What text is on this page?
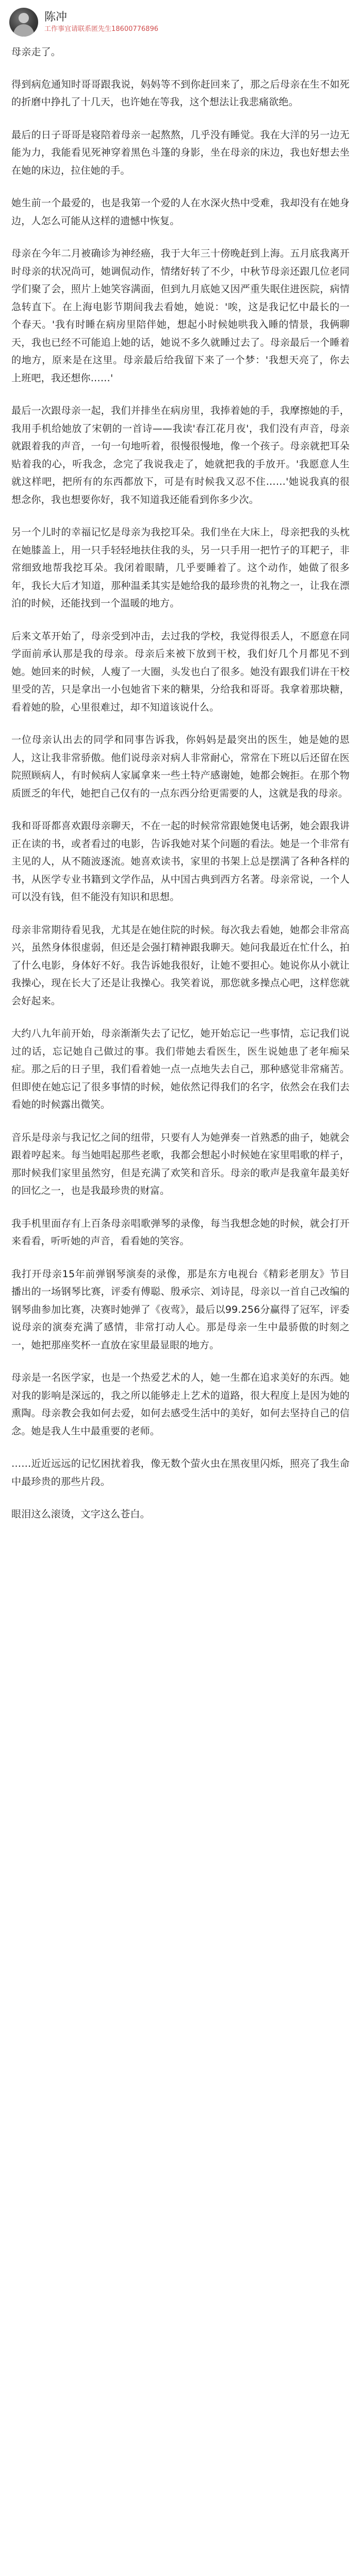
陈冲
工作事宜请联系匿先生18600776896

母亲走了。

得到病危通知时哥哥跟我说，妈妈等不到你赶回来了，那之后母亲在生不如死的折磨中挣扎了十几天，也许她在等我，这个想法让我悲痛欲绝。

最后的日子哥哥是寝陪着母亲一起熬熬，几乎没有睡觉。我在大洋的另一边无能为力，我能看见死神穿着黑色斗篷的身影，坐在母亲的床边，我也好想去坐在她的床边，拉住她的手。

她生前一个最爱的，也是我第一个爱的人在水深火热中受难，我却没有在她身边，人怎么可能从这样的遗憾中恢复。

母亲在今年二月被确诊为神经癌，我于大年三十傍晚赶到上海。五月底我离开时母亲的状况尚可，她调侃动作，情绪好转了不少，中秋节母亲还跟几位老同学们聚了会，照片上她笑容满面，但到九月底她又因严重失眠住进医院，病情急转直下。在上海电影节期间我去看她，她说：'唉，这是我记忆中最长的一个春天。'我有时睡在病房里陪伴她，想起小时候她哄我入睡的情景，我俩聊天，我也已经不可能追上她的话，她说不多久就睡过去了。母亲最后一个睡着的地方，原来是在这里。母亲最后给我留下来了一个梦：'我想天亮了，你去上班吧，我还想你……'

最后一次跟母亲一起，我们并排坐在病房里，我捧着她的手，我摩擦她的手，我用手机给她放了宋朝的一首诗——我读'春江花月夜'，我们没有声音，母亲就跟着我的声音，一句一句地听着，很慢很慢地，像一个孩子。母亲就把耳朵贴着我的心，听我念，念完了我说我走了，她就把我的手放开。'我愿意人生就这样吧，把所有的东西都放下，可是有时候我又忍不住……'她说我真的很想念你，我也想要你好，我不知道我还能看到你多少次。

另一个儿时的幸福记忆是母亲为我挖耳朵。我们坐在大床上，母亲把我的头枕在她膝盖上，用一只手轻轻地扶住我的头，另一只手用一把竹子的耳耙子，非常细致地帮我挖耳朵。我闭着眼睛，几乎要睡着了。这个动作，她做了很多年，我长大后才知道，那种温柔其实是她给我的最珍贵的礼物之一，让我在漂泊的时候，还能找到一个温暖的地方。

后来文革开始了，母亲受到冲击，去过我的学校，我觉得很丢人，不愿意在同学面前承认那是我的母亲。母亲后来被下放到干校，我们好几个月都见不到她。她回来的时候，人瘦了一大圈，头发也白了很多。她没有跟我们讲在干校里受的苦，只是拿出一小包她省下来的糖果，分给我和哥哥。我拿着那块糖，看着她的脸，心里很难过，却不知道该说什么。

一位母亲认出去的同学和同事告诉我，你妈妈是最突出的医生，她是她的恩人，这让我非常骄傲。他们说母亲对病人非常耐心，常常在下班以后还留在医院照顾病人，有时候病人家属拿来一些土特产感谢她，她都会婉拒。在那个物质匮乏的年代，她把自己仅有的一点东西分给更需要的人，这就是我的母亲。

我和哥哥都喜欢跟母亲聊天，不在一起的时候常常跟她煲电话粥，她会跟我讲正在读的书，或者看过的电影，告诉我她对某个问题的看法。她是一个非常有主见的人，从不随波逐流。她喜欢读书，家里的书架上总是摆满了各种各样的书，从医学专业书籍到文学作品，从中国古典到西方名著。母亲常说，一个人可以没有钱，但不能没有知识和思想。

母亲非常期待看见我，尤其是在她住院的时候。每次我去看她，她都会非常高兴，虽然身体很虚弱，但还是会强打精神跟我聊天。她问我最近在忙什么，拍了什么电影，身体好不好。我告诉她我很好，让她不要担心。她说你从小就让我操心，现在长大了还是让我操心。我笑着说，那您就多操点心吧，这样您就会好起来。

大约八九年前开始，母亲渐渐失去了记忆，她开始忘记一些事情，忘记我们说过的话，忘记她自己做过的事。我们带她去看医生，医生说她患了老年痴呆症。那之后的日子里，我们看着她一点一点地失去自己，那种感觉非常痛苦。但即使在她忘记了很多事情的时候，她依然记得我们的名字，依然会在我们去看她的时候露出微笑。

音乐是母亲与我记忆之间的纽带，只要有人为她弹奏一首熟悉的曲子，她就会跟着哼起来。每当她唱起那些老歌，我都会想起小时候她在家里唱歌的样子，那时候我们家里虽然穷，但是充满了欢笑和音乐。母亲的歌声是我童年最美好的回忆之一，也是我最珍贵的财富。

我手机里面存有上百条母亲唱歌弹琴的录像，每当我想念她的时候，就会打开来看看，听听她的声音，看看她的笑容。

我打开母亲15年前弹钢琴演奏的录像，那是东方电视台《精彩老朋友》节目播出的一场钢琴比赛，评委有傅聪、殷承宗、刘诗昆，母亲以一首自己改编的钢琴曲参加比赛，决赛时她弹了《夜莺》，最后以99.256分赢得了冠军，评委说母亲的演奏充满了感情，非常打动人心。那是母亲一生中最骄傲的时刻之一，她把那座奖杯一直放在家里最显眼的地方。

母亲是一名医学家，也是一个热爱艺术的人，她一生都在追求美好的东西。她对我的影响是深远的，我之所以能够走上艺术的道路，很大程度上是因为她的熏陶。母亲教会我如何去爱，如何去感受生活中的美好，如何去坚持自己的信念。她是我人生中最重要的老师。

……近近远远的记忆困扰着我，像无数个萤火虫在黑夜里闪烁，照亮了我生命中最珍贵的那些片段。

眼泪这么滚烫，文字这么苍白。
